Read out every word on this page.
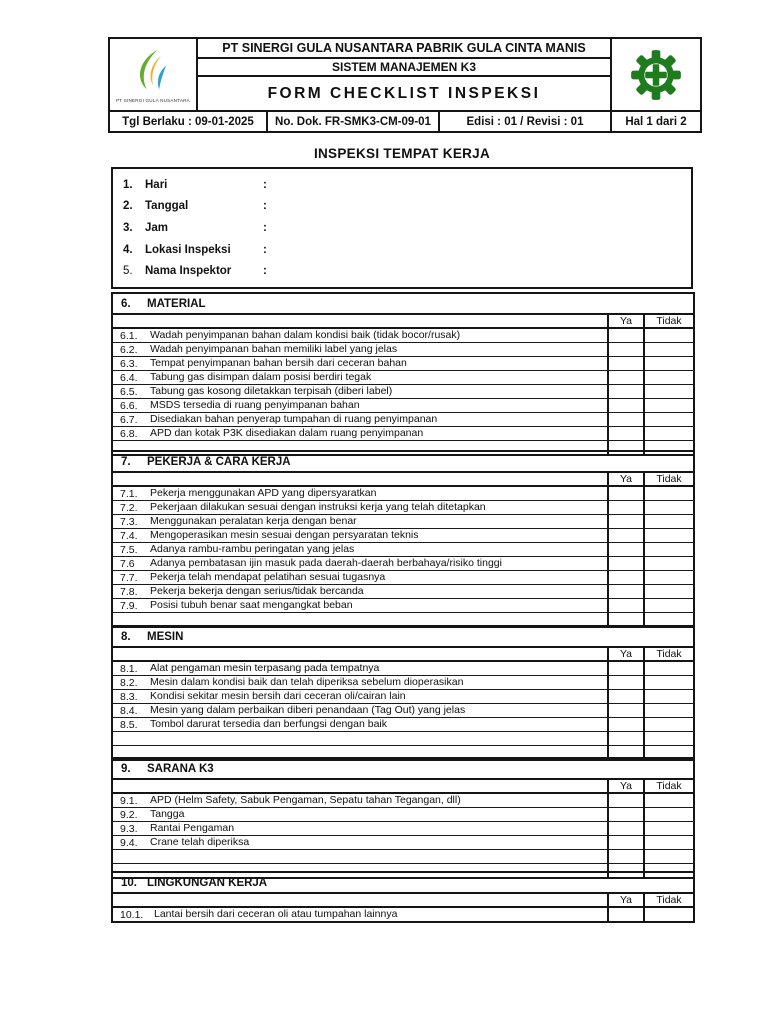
PT SINERGI GULA NUSANTARA
PT SINERGI GULA NUSANTARA PABRIK GULA CINTA MANIS
SISTEM MANAJEMEN K3
FORM CHECKLIST INSPEKSI
Tgl Berlaku : 09-01-2025	No. Dok. FR-SMK3-CM-09-01	Edisi : 01 / Revisi : 01	Hal 1 dari 2
INSPEKSI TEMPAT KERJA
1.	Hari	:
2.	Tanggal	:
3.	Jam	:
4.	Lokasi Inspeksi	:
5.	Nama Inspektor	:
6. MATERIAL		
	Ya	Tidak
6.1. Wadah penyimpanan bahan dalam kondisi baik (tidak bocor/rusak)		
6.2. Wadah penyimpanan bahan memiliki label yang jelas		
6.3. Tempat penyimpanan bahan bersih dari ceceran bahan		
6.4. Tabung gas disimpan dalam posisi berdiri tegak		
6.5. Tabung gas kosong diletakkan terpisah (diberi label)		
6.6. MSDS tersedia di ruang penyimpanan bahan		
6.7. Disediakan bahan penyerap tumpahan di ruang penyimpanan		
6.8. APD dan kotak P3K disediakan dalam ruang penyimpanan		

7. PEKERJA & CARA KERJA		
	Ya	Tidak
7.1. Pekerja menggunakan APD yang dipersyaratkan		
7.2. Pekerjaan dilakukan sesuai dengan instruksi kerja yang telah ditetapkan		
7.3. Menggunakan peralatan kerja dengan benar		
7.4. Mengoperasikan mesin sesuai dengan persyaratan teknis		
7.5. Adanya rambu-rambu peringatan yang jelas		
7.6 Adanya pembatasan ijin masuk pada daerah-daerah berbahaya/risiko tinggi		
7.7. Pekerja telah mendapat pelatihan sesuai tugasnya		
7.8. Pekerja bekerja dengan serius/tidak bercanda		
7.9. Posisi tubuh benar saat mengangkat beban		

8. MESIN		
	Ya	Tidak
8.1. Alat pengaman mesin terpasang pada tempatnya		
8.2. Mesin dalam kondisi baik dan telah diperiksa sebelum dioperasikan		
8.3. Kondisi sekitar mesin bersih dari ceceran oli/cairan lain		
8.4. Mesin yang dalam perbaikan diberi penandaan (Tag Out) yang jelas		
8.5. Tombol darurat tersedia dan berfungsi dengan baik		

9. SARANA K3		
	Ya	Tidak
9.1. APD (Helm Safety, Sabuk Pengaman, Sepatu tahan Tegangan, dll)		
9.2. Tangga		
9.3. Rantai Pengaman		
9.4. Crane telah diperiksa		

10. LINGKUNGAN KERJA		
	Ya	Tidak
10.1. Lantai bersih dari ceceran oli atau tumpahan lainnya		
